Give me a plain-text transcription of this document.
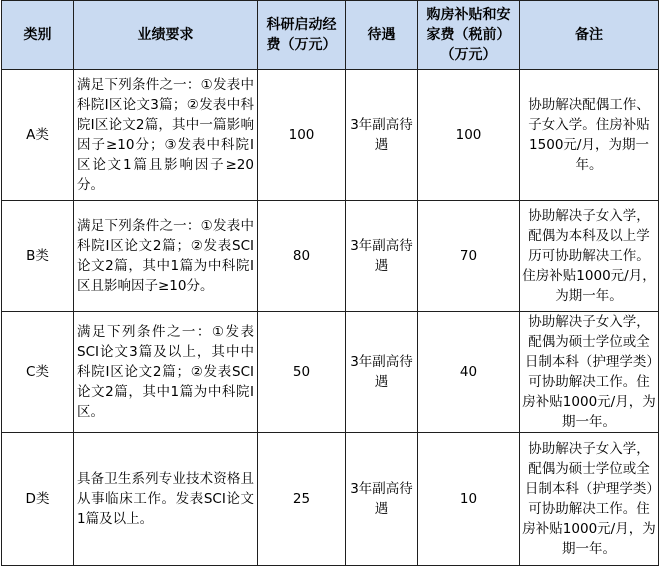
类别	业绩要求	科研启动经费（万元）	待遇	购房补贴和安家费（税前）（万元）	备注
A类	满足下列条件之一：①发表中科院I区论文3篇；②发表中科院I区论文2篇，其中一篇影响因子≥10分；③发表中科院I区论文1篇且影响因子≥20分。	100	3年副高待遇	100	协助解决配偶工作、子女入学。住房补贴1500元/月，为期一年。
B类	满足下列条件之一：①发表中科院Ⅰ区论文2篇；②发表SCI论文2篇，其中1篇为中科院Ⅰ区且影响因子≥10分。	80	3年副高待遇	70	协助解决子女入学，配偶为本科及以上学历可协助解决工作。住房补贴1000元/月，为期一年。
C类	满足下列条件之一：①发表SCI论文3篇及以上，其中中科院Ⅰ区论文2篇；②发表SCI论文2篇，其中1篇为中科院Ⅰ区。	50	3年副高待遇	40	协助解决子女入学，配偶为硕士学位或全日制本科（护理学类）可协助解决工作。住房补贴1000元/月，为期一年。
D类	具备卫生系列专业技术资格且从事临床工作。发表SCI论文1篇及以上。	25	3年副高待遇	10	协助解决子女入学，配偶为硕士学位或全日制本科（护理学类）可协助解决工作。住房补贴1000元/月，为期一年。
